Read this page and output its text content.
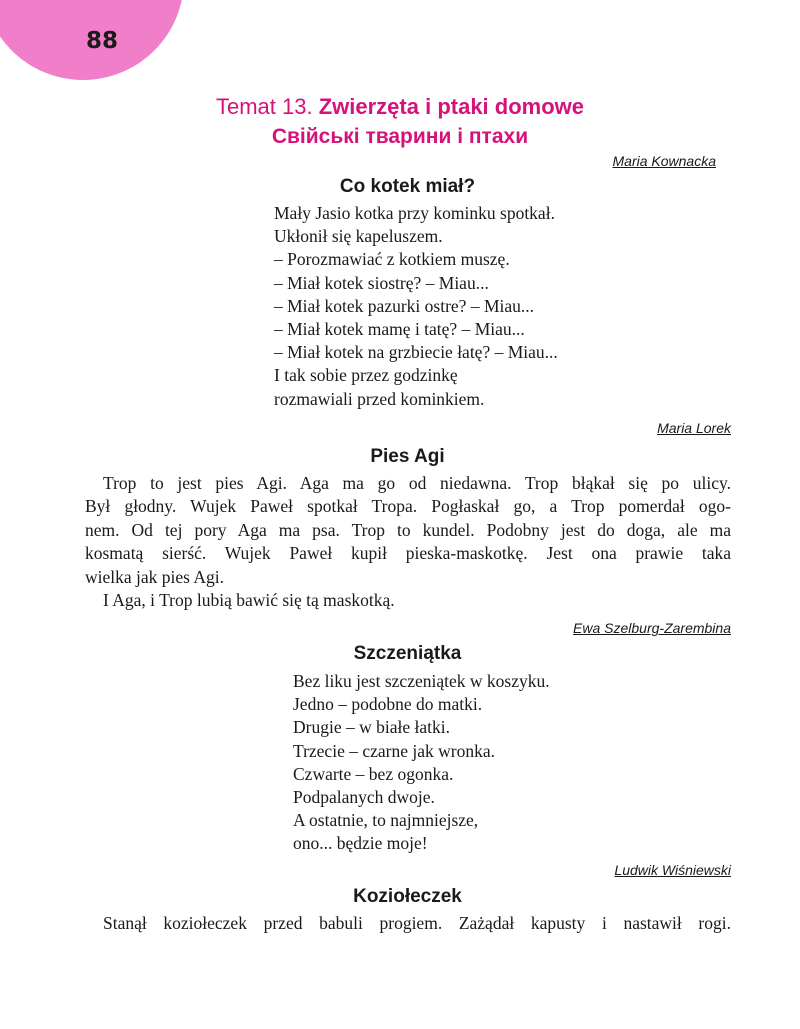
88
Temat 13. Zwierzęta i ptaki domowe
Свійські тварини і птахи
Maria Kownacka
Co kotek miał?
Mały Jasio kotka przy kominku spotkał.
Ukłonił się kapeluszem.
– Porozmawiać z kotkiem muszę.
– Miał kotek siostrę? – Miau...
– Miał kotek pazurki ostre? – Miau...
– Miał kotek mamę i tatę? – Miau...
– Miał kotek na grzbiecie łatę? – Miau...
I tak sobie przez godzinkę
rozmawiali przed kominkiem.
Maria Lorek
Pies Agi
Trop to jest pies Agi. Aga ma go od niedawna. Trop błąkał się po ulicy.
Był głodny. Wujek Paweł spotkał Tropa. Pogłaskał go, a Trop pomerdał ogo-
nem. Od tej pory Aga ma psa. Trop to kundel. Podobny jest do doga, ale ma
kosmatą sierść. Wujek Paweł kupił pieska-maskotkę. Jest ona prawie taka
wielka jak pies Agi.
I Aga, i Trop lubią bawić się tą maskotką.
Ewa Szelburg-Zarembina
Szczeniątka
Bez liku jest szczeniątek w koszyku.
Jedno – podobne do matki.
Drugie – w białe łatki.
Trzecie – czarne jak wronka.
Czwarte – bez ogonka.
Podpalanych dwoje.
A ostatnie, to najmniejsze,
ono... będzie moje!
Ludwik Wiśniewski
Koziołeczek
Stanął koziołeczek przed babuli progiem. Zażądał kapusty i nastawił rogi.
